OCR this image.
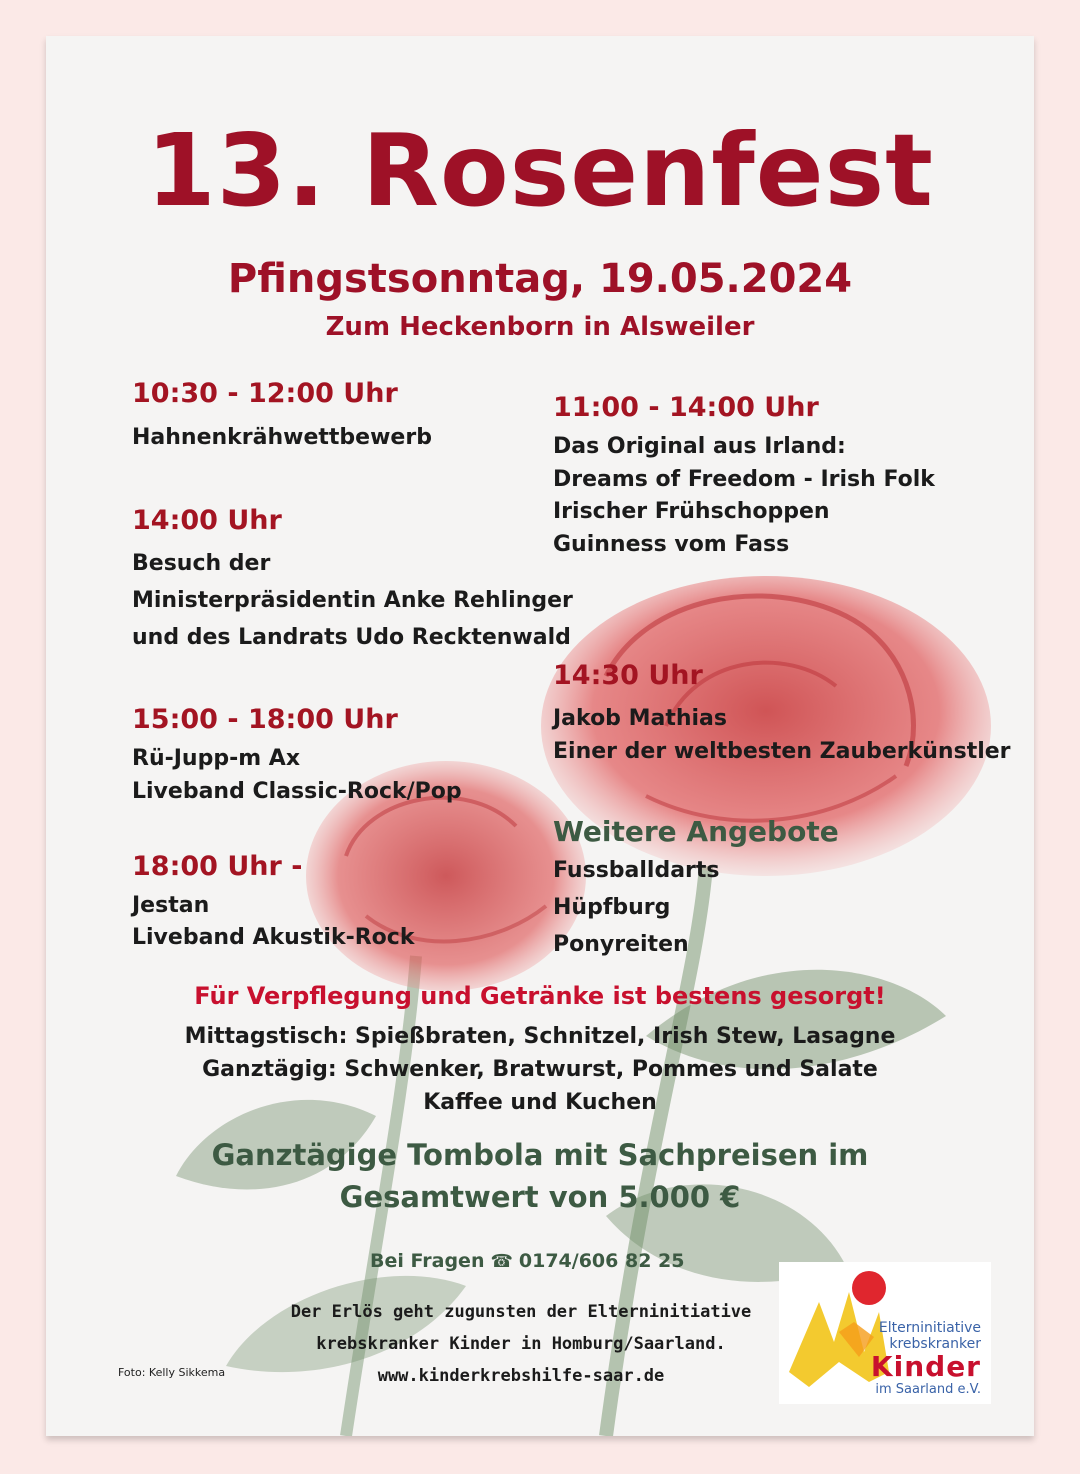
13. Rosenfest
Pfingstsonntag, 19.05.2024
Zum Heckenborn in Alsweiler
10:30 - 12:00 Uhr
Hahnenkrähwettbewerb
14:00 Uhr
Besuch der
Ministerpräsidentin Anke Rehlinger
und des Landrats Udo Recktenwald
15:00 - 18:00 Uhr
Rü-Jupp-m Ax
Liveband Classic-Rock/Pop
18:00 Uhr -
Jestan
Liveband Akustik-Rock
11:00 - 14:00 Uhr
Das Original aus Irland:
Dreams of Freedom - Irish Folk
Irischer Frühschoppen
Guinness vom Fass
14:30 Uhr
Jakob Mathias
Einer der weltbesten Zauberkünstler
Weitere Angebote
Fussballdarts
Hüpfburg
Ponyreiten
Für Verpflegung und Getränke ist bestens gesorgt!
Mittagstisch: Spießbraten, Schnitzel, Irish Stew, Lasagne
Ganztägig: Schwenker, Bratwurst, Pommes und Salate
Kaffee und Kuchen
Ganztägige Tombola mit Sachpreisen im
Gesamtwert von 5.000 €
Bei Fragen ☎ 0174/606 82 25
Der Erlös geht zugunsten der Elterninitiative
krebskranker Kinder in Homburg/Saarland.
www.kinderkrebshilfe-saar.de
Foto: Kelly Sikkema
Elterninitiative
krebskranker
Kinder
im Saarland e.V.
